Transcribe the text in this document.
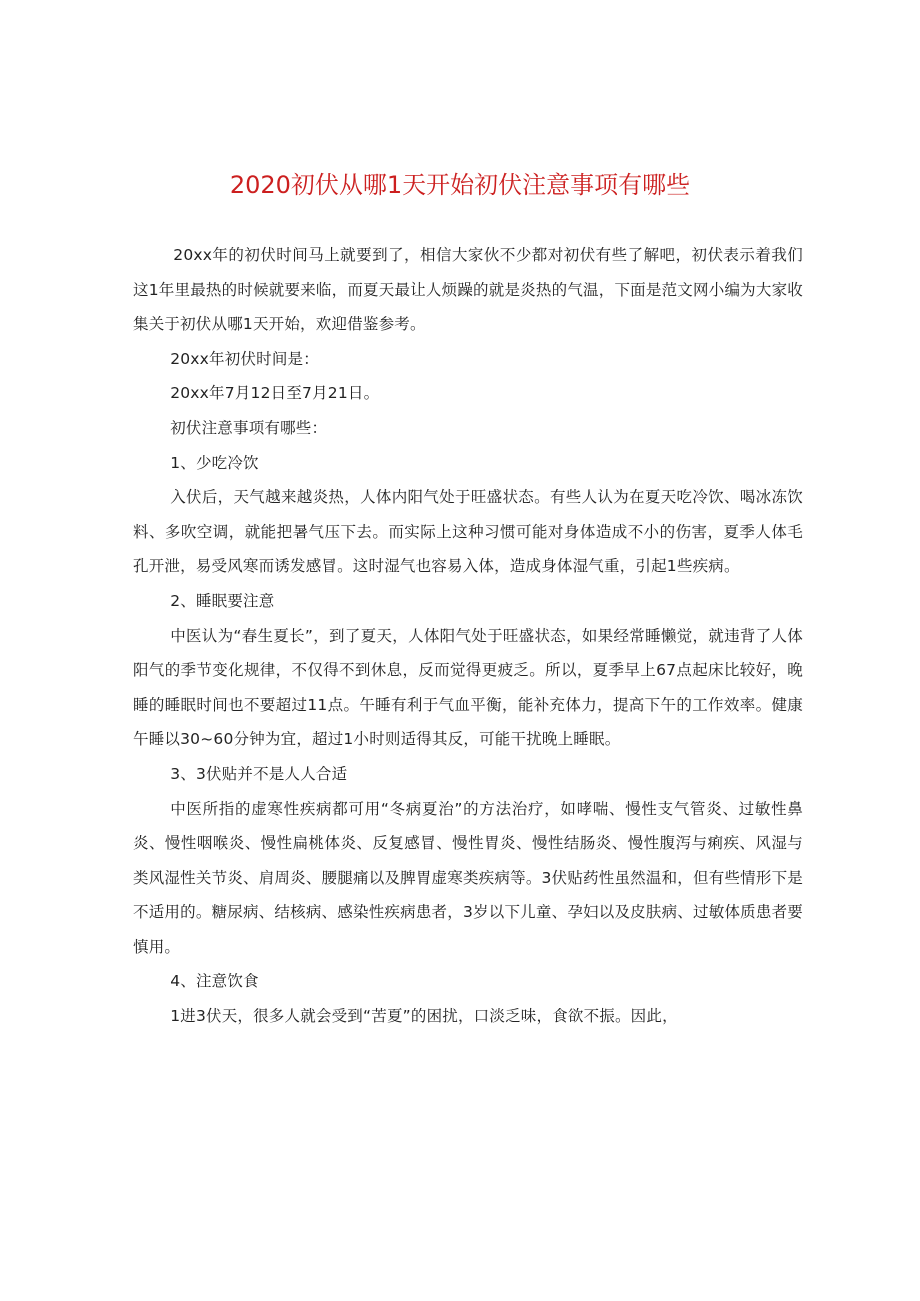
2020初伏从哪1天开始初伏注意事项有哪些

20xx年的初伏时间马上就要到了，相信大家伙不少都对初伏有些了解吧，初伏表示着我们这1年里最热的时候就要来临，而夏天最让人烦躁的就是炎热的气温，下面是范文网小编为大家收集关于初伏从哪1天开始，欢迎借鉴参考。

20xx年初伏时间是：

20xx年7月12日至7月21日。

初伏注意事项有哪些：

1、少吃冷饮

入伏后，天气越来越炎热，人体内阳气处于旺盛状态。有些人认为在夏天吃冷饮、喝冰冻饮料、多吹空调，就能把暑气压下去。而实际上这种习惯可能对身体造成不小的伤害，夏季人体毛孔开泄，易受风寒而诱发感冒。这时湿气也容易入体，造成身体湿气重，引起1些疾病。

2、睡眠要注意

中医认为“春生夏长”，到了夏天，人体阳气处于旺盛状态，如果经常睡懒觉，就违背了人体阳气的季节变化规律，不仅得不到休息，反而觉得更疲乏。所以，夏季早上67点起床比较好，晚睡的睡眠时间也不要超过11点。午睡有利于气血平衡，能补充体力，提高下午的工作效率。健康午睡以30~60分钟为宜，超过1小时则适得其反，可能干扰晚上睡眠。

3、3伏贴并不是人人合适

中医所指的虚寒性疾病都可用“冬病夏治”的方法治疗，如哮喘、慢性支气管炎、过敏性鼻炎、慢性咽喉炎、慢性扁桃体炎、反复感冒、慢性胃炎、慢性结肠炎、慢性腹泻与痢疾、风湿与类风湿性关节炎、肩周炎、腰腿痛以及脾胃虚寒类疾病等。3伏贴药性虽然温和，但有些情形下是不适用的。糖尿病、结核病、感染性疾病患者，3岁以下儿童、孕妇以及皮肤病、过敏体质患者要慎用。

4、注意饮食

1进3伏天，很多人就会受到“苦夏”的困扰，口淡乏味，食欲不振。因此，
